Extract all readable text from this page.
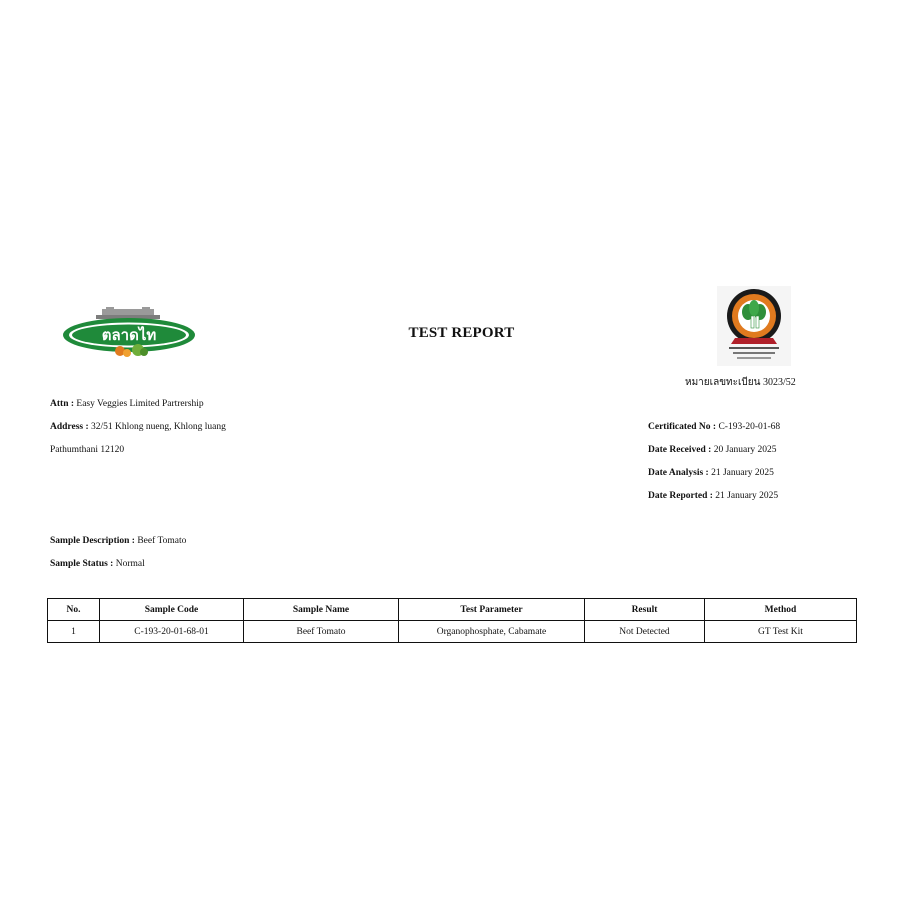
ตลาดไท	TEST REPORT
หมายเลขทะเบียน 3023/52
Attn : Easy Veggies Limited Partrership
Address : 32/51 Khlong nueng, Khlong luang
Pathumthani 12120
Certificated No : C-193-20-01-68
Date Received : 20 January 2025
Date Analysis : 21 January 2025
Date Reported : 21 January 2025
Sample Description : Beef Tomato
Sample Status : Normal
No.	Sample Code	Sample Name	Test Parameter	Result	Method
1	C-193-20-01-68-01	Beef Tomato	Organophosphate, Cabamate	Not Detected	GT Test Kit
